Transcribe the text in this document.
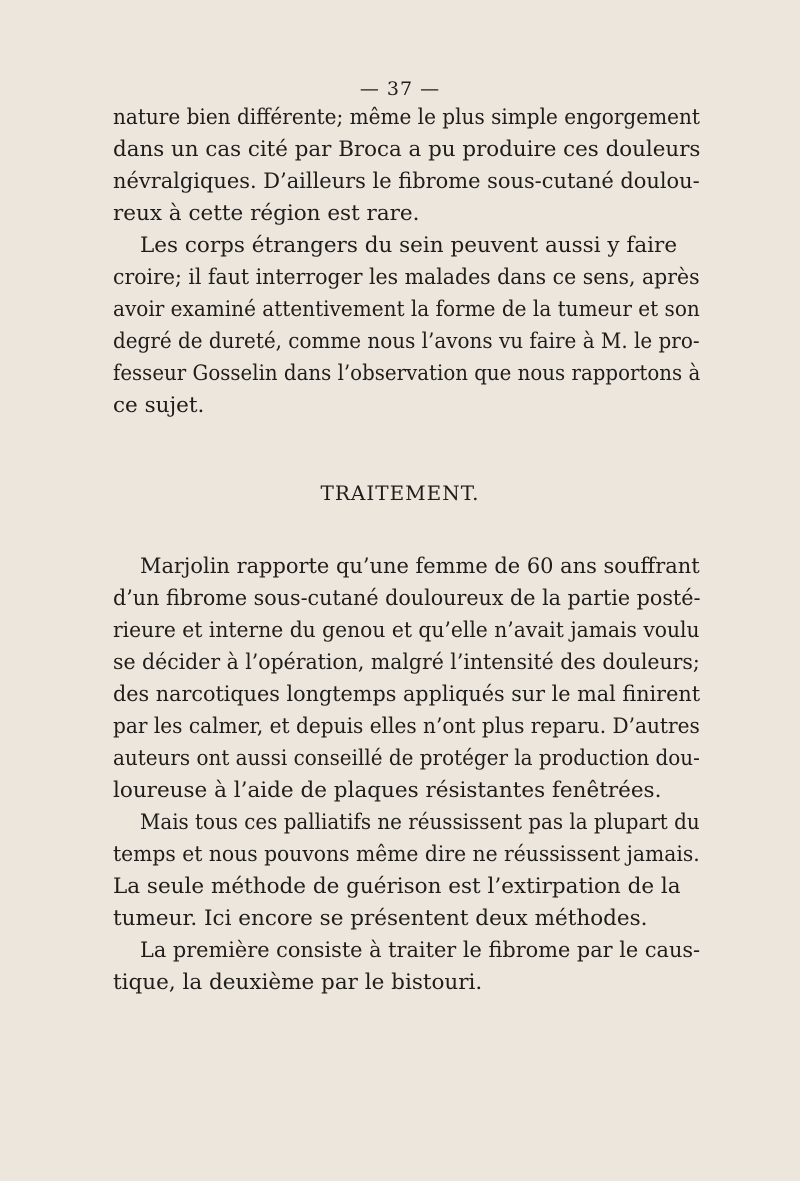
— 37 —
nature bien différente; même le plus simple engorgement
dans un cas cité par Broca a pu produire ces douleurs
névralgiques. D’ailleurs le fibrome sous-cutané doulou-
reux à cette région est rare.
Les corps étrangers du sein peuvent aussi y faire
croire; il faut interroger les malades dans ce sens, après
avoir examiné attentivement la forme de la tumeur et son
degré de dureté, comme nous l’avons vu faire à M. le pro-
fesseur Gosselin dans l’observation que nous rapportons à
ce sujet.
TRAITEMENT.
Marjolin rapporte qu’une femme de 60 ans souffrant
d’un fibrome sous-cutané douloureux de la partie posté-
rieure et interne du genou et qu’elle n’avait jamais voulu
se décider à l’opération, malgré l’intensité des douleurs;
des narcotiques longtemps appliqués sur le mal finirent
par les calmer, et depuis elles n’ont plus reparu. D’autres
auteurs ont aussi conseillé de protéger la production dou-
loureuse à l’aide de plaques résistantes fenêtrées.
Mais tous ces palliatifs ne réussissent pas la plupart du
temps et nous pouvons même dire ne réussissent jamais.
La seule méthode de guérison est l’extirpation de la
tumeur. Ici encore se présentent deux méthodes.
La première consiste à traiter le fibrome par le caus-
tique, la deuxième par le bistouri.
